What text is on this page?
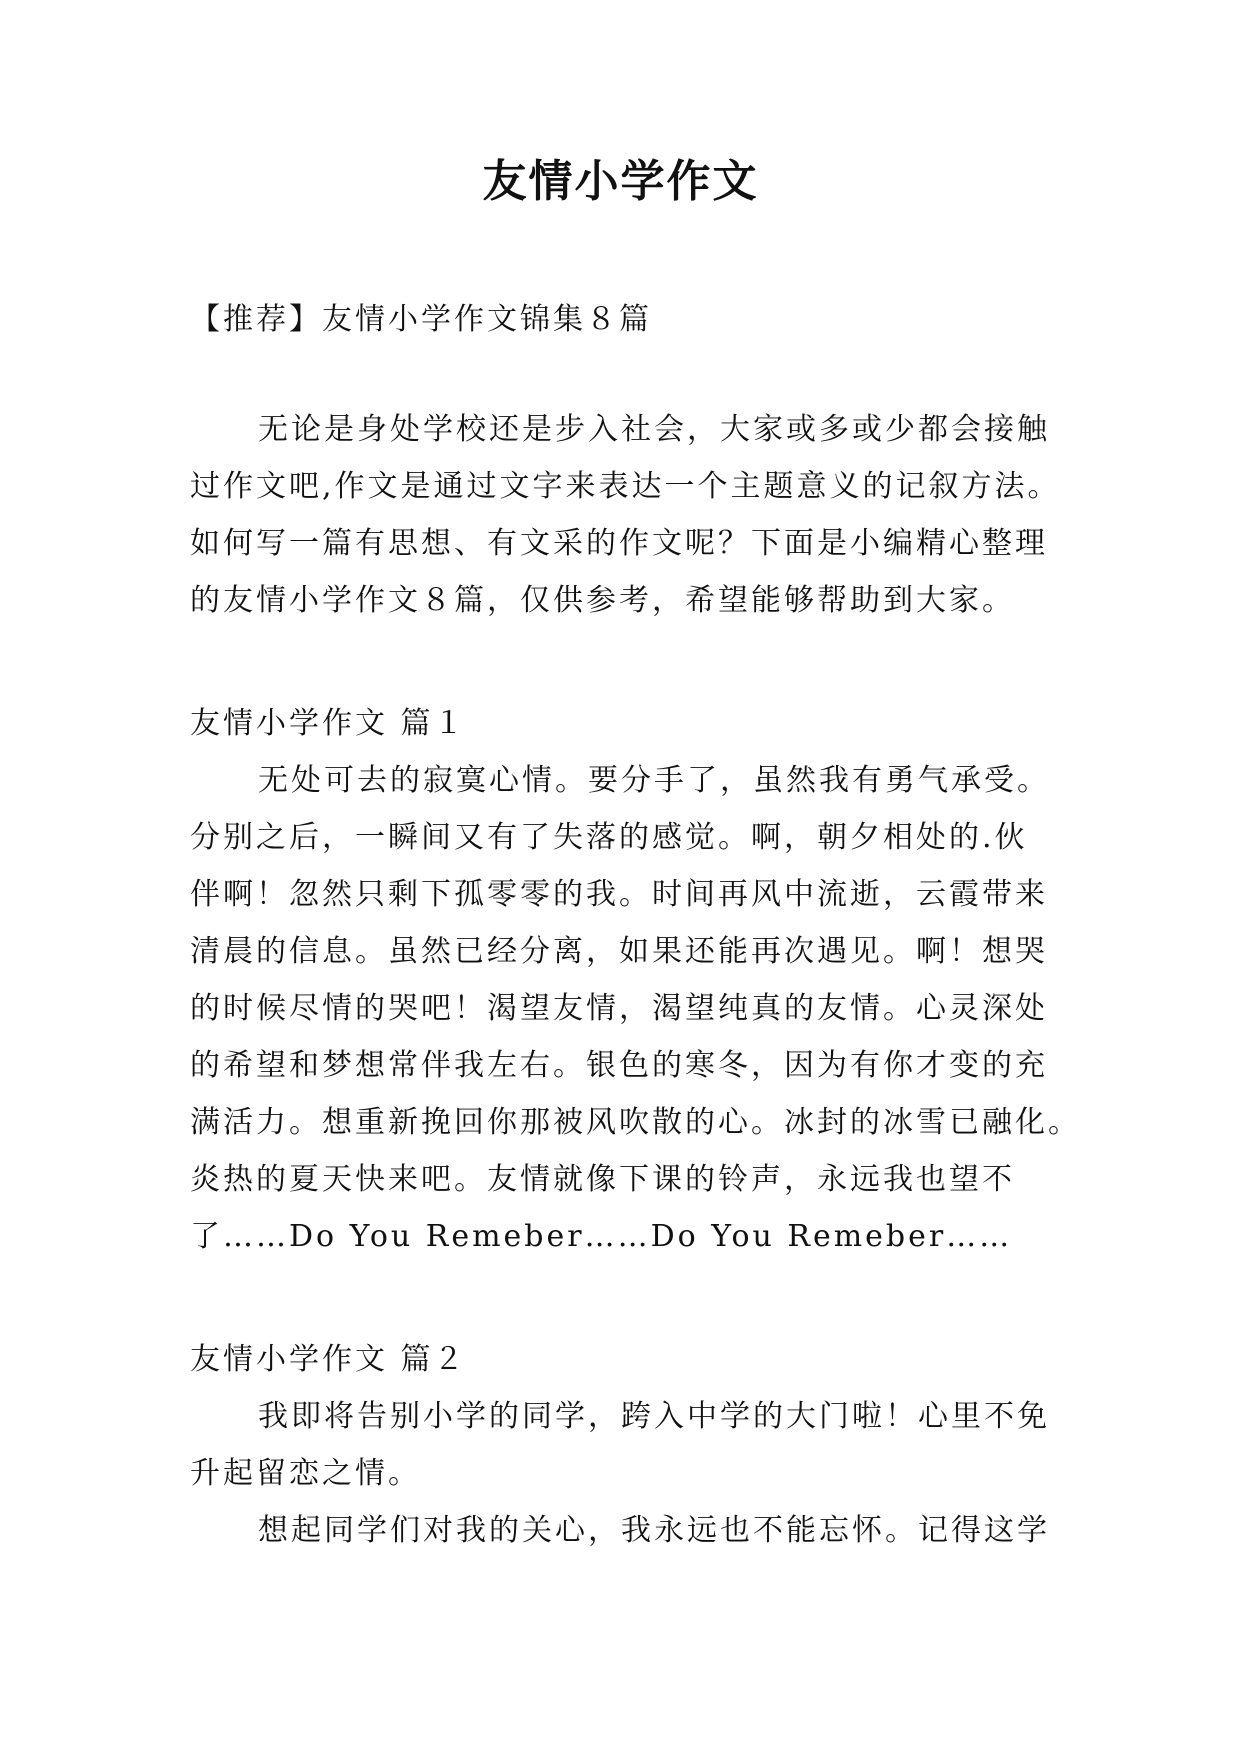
友情小学作文
【推荐】友情小学作文锦集８篇
无论是身处学校还是步入社会，大家或多或少都会接触
过作文吧,作文是通过文字来表达一个主题意义的记叙方法。
如何写一篇有思想、有文采的作文呢？下面是小编精心整理
的友情小学作文８篇，仅供参考，希望能够帮助到大家。
友情小学作文 篇１
无处可去的寂寞心情。要分手了，虽然我有勇气承受。
分别之后，一瞬间又有了失落的感觉。啊，朝夕相处的.伙
伴啊！忽然只剩下孤零零的我。时间再风中流逝，云霞带来
清晨的信息。虽然已经分离，如果还能再次遇见。啊！想哭
的时候尽情的哭吧！渴望友情，渴望纯真的友情。心灵深处
的希望和梦想常伴我左右。银色的寒冬，因为有你才变的充
满活力。想重新挽回你那被风吹散的心。冰封的冰雪已融化。
炎热的夏天快来吧。友情就像下课的铃声，永远我也望不
了……Do You Remeber……Do You Remeber……
友情小学作文 篇２
我即将告别小学的同学，跨入中学的大门啦！心里不免
升起留恋之情。
想起同学们对我的关心，我永远也不能忘怀。记得这学
